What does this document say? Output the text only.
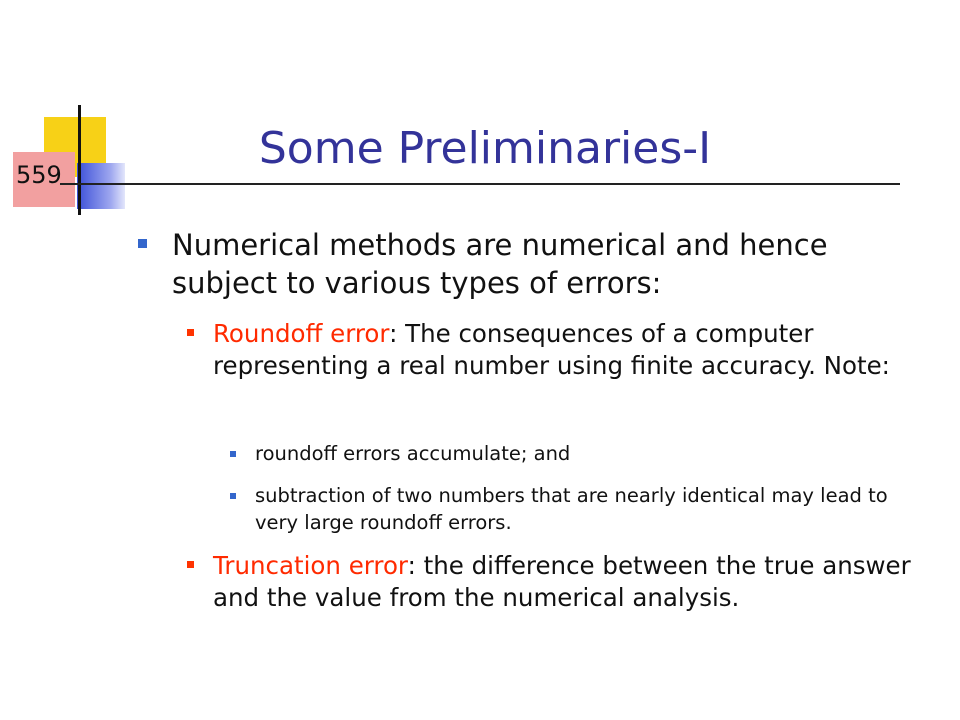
559
Some Preliminaries-I
Numerical methods are numerical and hence subject to various types of errors:
Roundoff error: The consequences of a computer representing a real number using finite accuracy. Note:
roundoff errors accumulate; and
subtraction of two numbers that are nearly identical may lead to very large roundoff errors.
Truncation error: the difference between the true answer and the value from the numerical analysis.
